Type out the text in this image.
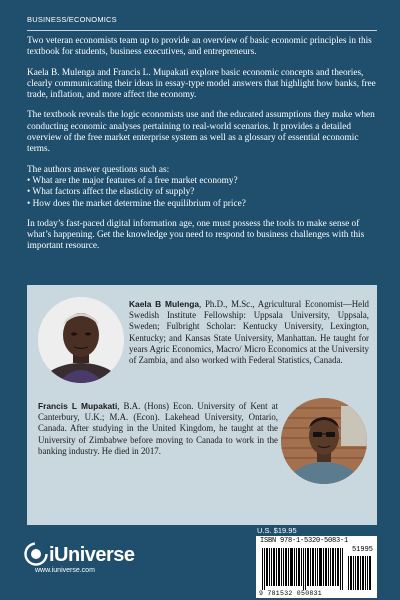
BUSINESS/ECONOMICS

Two veteran economists team up to provide an overview of basic economic principles in this textbook for students, business executives, and entrepreneurs.

Kaela B. Mulenga and Francis L. Mupakati explore basic economic concepts and theories, clearly communicating their ideas in essay-type model answers that highlight how banks, free trade, inflation, and more affect the economy.

The textbook reveals the logic economists use and the educated assumptions they make when conducting economic analyses pertaining to real-world scenarios. It provides a detailed overview of the free market enterprise system as well as a glossary of essential economic terms.

The authors answer questions such as:
• What are the major features of a free market economy?
• What factors affect the elasticity of supply?
• How does the market determine the equilibrium of price?

In today’s fast-paced digital information age, one must possess the tools to make sense of what’s happening. Get the knowledge you need to respond to business challenges with this important resource.

Kaela B Mulenga, Ph.D., M.Sc., Agricultural Economist—Held Swedish Institute Fellowship: Uppsala University, Uppsala, Sweden; Fulbright Scholar: Kentucky University, Lexington, Kentucky; and Kansas State University, Manhattan. He taught for years Agric Economics, Macro/ Micro Economics at the University of Zambia, and also worked with Federal Statistics, Canada.
Francis L Mupakati, B.A. (Hons) Econ. University of Kent at Canterbury, U.K.; M.A. (Econ). Lakehead University, Ontario, Canada. After studying in the United Kingdom, he taught at the University of Zimbabwe before moving to Canada to work in the banking industry. He died in 2017.
iUniverse
www.iuniverse.com
U.S. $19.95
ISBN 978-1-5320-5083-1
51995
9 781532 050831
